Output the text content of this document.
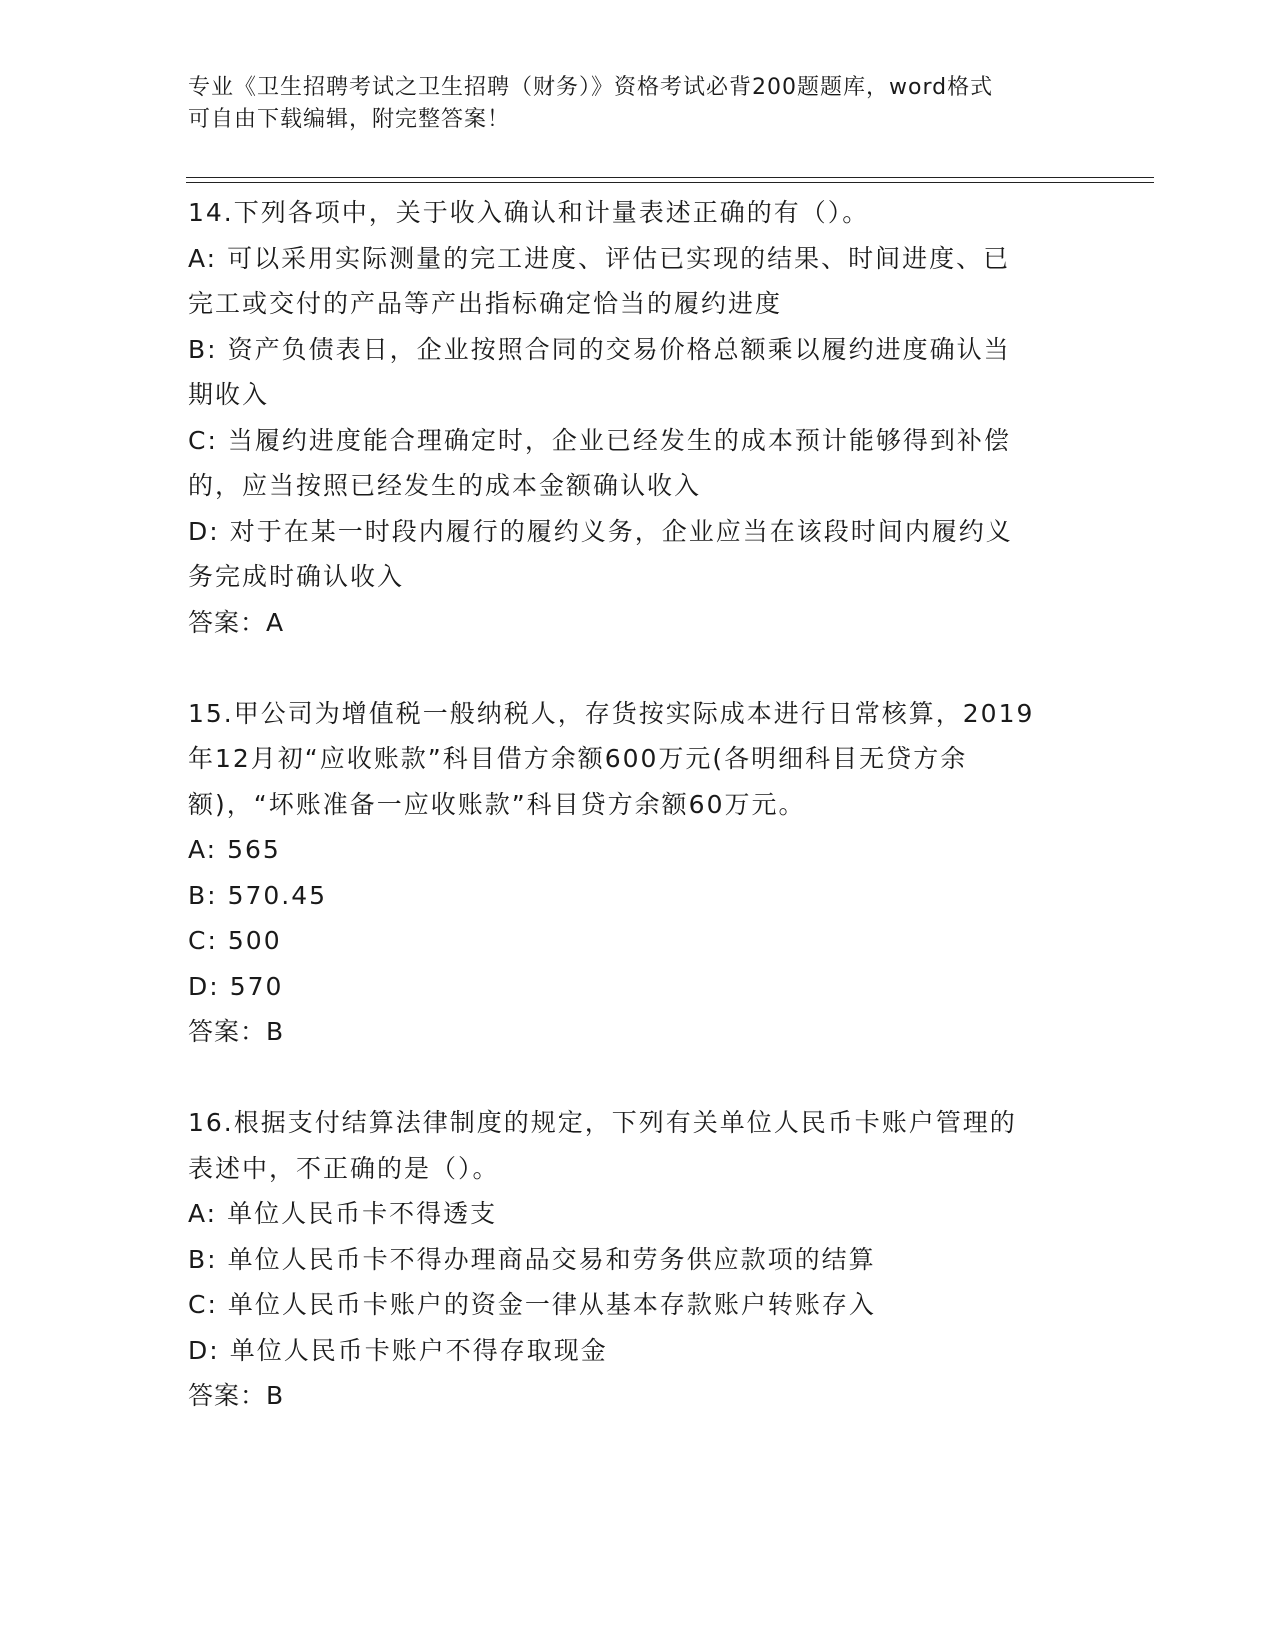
专业《卫生招聘考试之卫生招聘（财务）》资格考试必背200题题库，word格式
可自由下载编辑，附完整答案！
14.下列各项中，关于收入确认和计量表述正确的有（）。
A: 可以采用实际测量的完工进度、评估已实现的结果、时间进度、已
完工或交付的产品等产出指标确定恰当的履约进度
B: 资产负债表日，企业按照合同的交易价格总额乘以履约进度确认当
期收入
C: 当履约进度能合理确定时，企业已经发生的成本预计能够得到补偿
的，应当按照已经发生的成本金额确认收入
D: 对于在某一时段内履行的履约义务，企业应当在该段时间内履约义
务完成时确认收入
答案：A
15.甲公司为增值税一般纳税人，存货按实际成本进行日常核算，2019
年12月初“应收账款”科目借方余额600万元(各明细科目无贷方余
额)，“坏账准备一应收账款”科目贷方余额60万元。
A: 565
B: 570.45
C: 500
D: 570
答案：B
16.根据支付结算法律制度的规定，下列有关单位人民币卡账户管理的
表述中，不正确的是（）。
A: 单位人民币卡不得透支
B: 单位人民币卡不得办理商品交易和劳务供应款项的结算
C: 单位人民币卡账户的资金一律从基本存款账户转账存入
D: 单位人民币卡账户不得存取现金
答案：B
